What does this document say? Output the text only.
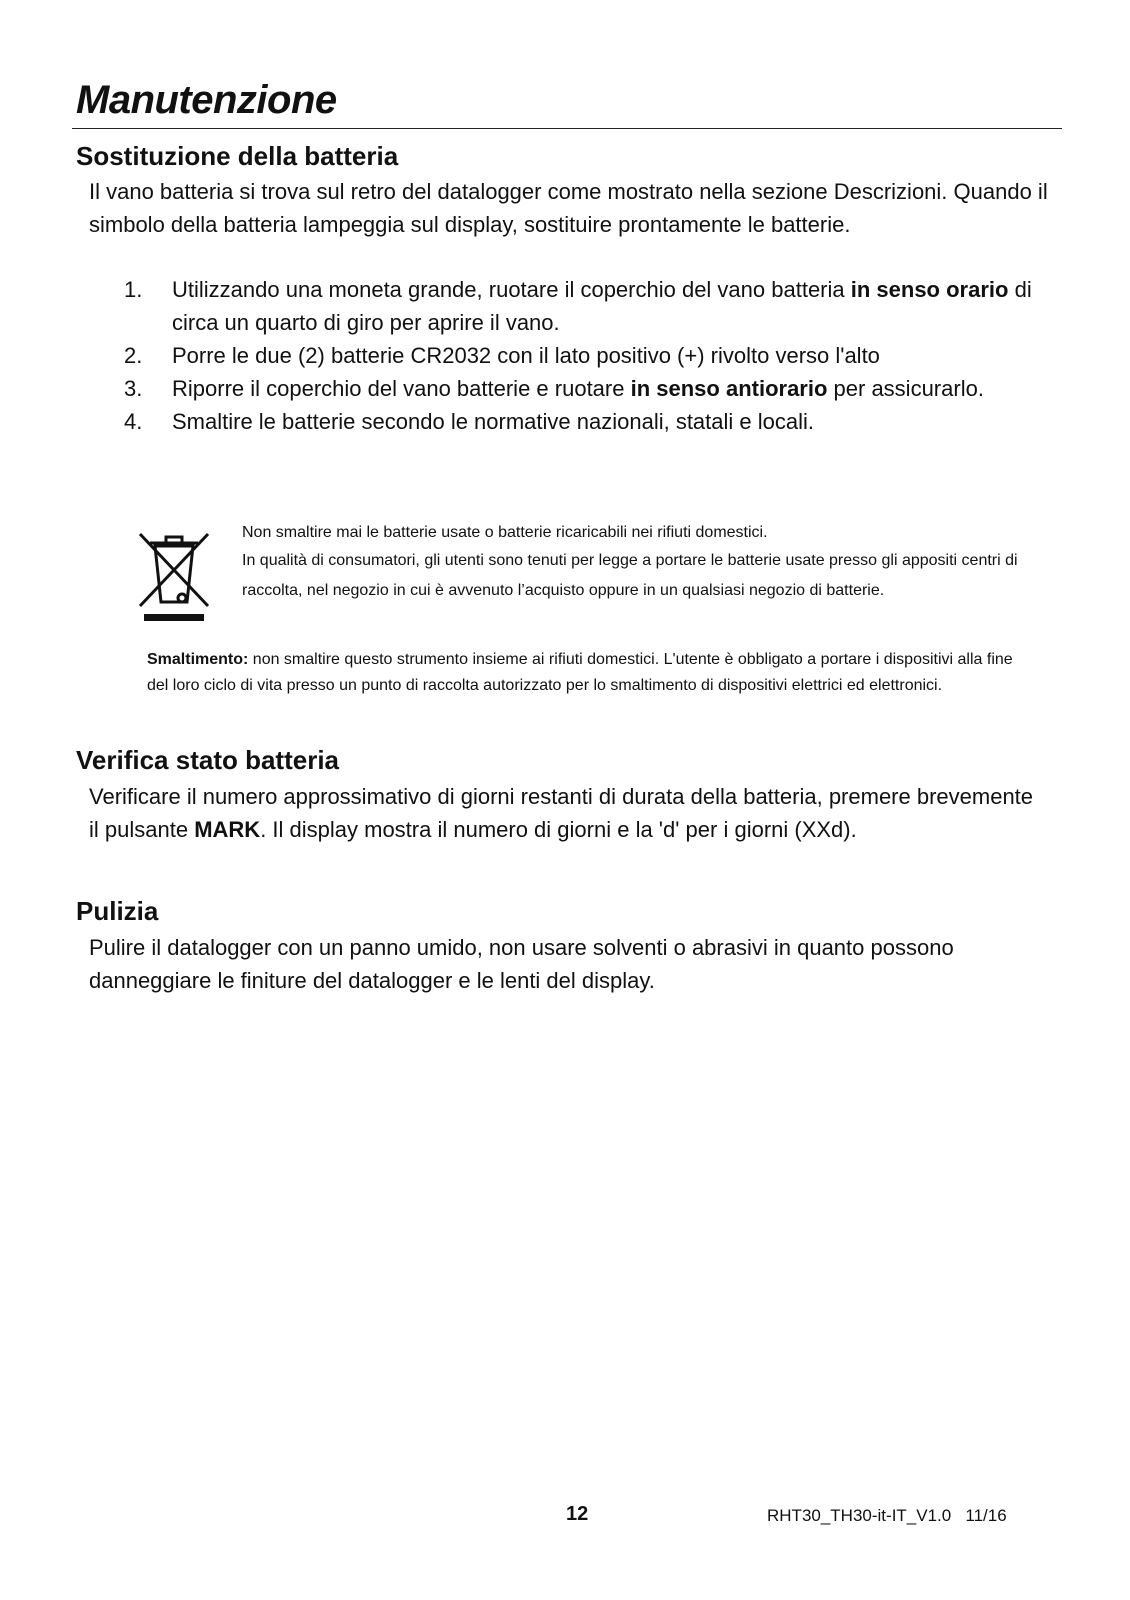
Manutenzione
Sostituzione della batteria
Il vano batteria si trova sul retro del datalogger come mostrato nella sezione Descrizioni. Quando il simbolo della batteria lampeggia sul display, sostituire prontamente le batterie.
1. Utilizzando una moneta grande, ruotare il coperchio del vano batteria in senso orario di circa un quarto di giro per aprire il vano.
2. Porre le due (2) batterie CR2032 con il lato positivo (+) rivolto verso l'alto
3. Riporre il coperchio del vano batterie e ruotare in senso antiorario per assicurarlo.
4. Smaltire le batterie secondo le normative nazionali, statali e locali.
Non smaltire mai le batterie usate o batterie ricaricabili nei rifiuti domestici.
In qualità di consumatori, gli utenti sono tenuti per legge a portare le batterie usate presso gli appositi centri di raccolta, nel negozio in cui è avvenuto l’acquisto oppure in un qualsiasi negozio di batterie.
Smaltimento: non smaltire questo strumento insieme ai rifiuti domestici. L'utente è obbligato a portare i dispositivi alla fine del loro ciclo di vita presso un punto di raccolta autorizzato per lo smaltimento di dispositivi elettrici ed elettronici.
Verifica stato batteria
Verificare il numero approssimativo di giorni restanti di durata della batteria, premere brevemente il pulsante MARK. Il display mostra il numero di giorni e la 'd' per i giorni (XXd).
Pulizia
Pulire il datalogger con un panno umido, non usare solventi o abrasivi in quanto possono danneggiare le finiture del datalogger e le lenti del display.
12	RHT30_TH30-it-IT_V1.0   11/16
